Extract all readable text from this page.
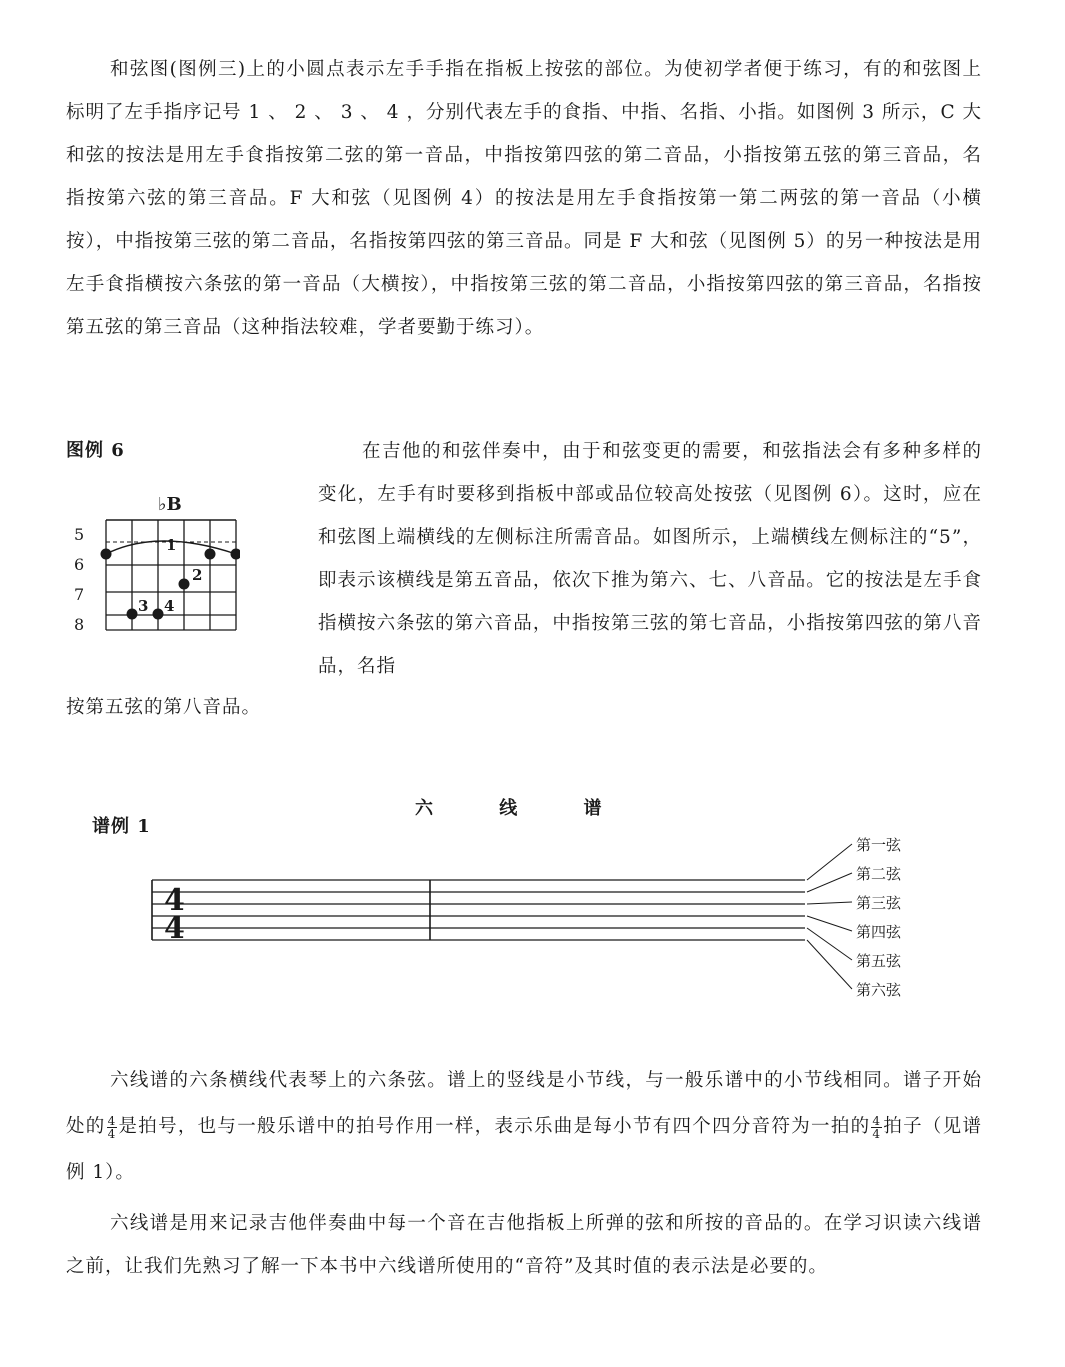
和弦图(图例三)上的小圆点表示左手手指在指板上按弦的部位。为使初学者便于练习，有的和弦图上标明了左手指序记号 1 、 2 、 3 、 4 ，分别代表左手的食指、中指、名指、小指。如图例 3 所示，C 大和弦的按法是用左手食指按第二弦的第一音品，中指按第四弦的第二音品，小指按第五弦的第三音品，名指按第六弦的第三音品。F 大和弦（见图例 4）的按法是用左手食指按第一第二两弦的第一音品（小横按），中指按第三弦的第二音品，名指按第四弦的第三音品。同是 F 大和弦（见图例 5）的另一种按法是用左手食指横按六条弦的第一音品（大横按），中指按第三弦的第二音品，小指按第四弦的第三音品，名指按第五弦的第三音品（这种指法较难，学者要勤于练习）。

图例 6
♭B
5
6
7
8
1
2
3 4

在吉他的和弦伴奏中，由于和弦变更的需要，和弦指法会有多种多样的变化，左手有时要移到指板中部或品位较高处按弦（见图例 6）。这时，应在和弦图上端横线的左侧标注所需音品。如图所示，上端横线左侧标注的“5”，即表示该横线是第五音品，依次下推为第六、七、八音品。它的按法是左手食指横按六条弦的第六音品，中指按第三弦的第七音品，小指按第四弦的第八音品，名指

按第五弦的第八音品。

六 线 谱
谱例 1
4
4
第一弦
第二弦
第三弦
第四弦
第五弦
第六弦

六线谱的六条横线代表琴上的六条弦。谱上的竖线是小节线，与一般乐谱中的小节线相同。谱子开始处的 $\frac{4}{4}$ 是拍号，也与一般乐谱中的拍号作用一样，表示乐曲是每小节有四个四分音符为一拍的 $\frac{4}{4}$ 拍子（见谱例 1）。

六线谱是用来记录吉他伴奏曲中每一个音在吉他指板上所弹的弦和所按的音品的。在学习识读六线谱之前，让我们先熟习了解一下本书中六线谱所使用的“音符”及其时值的表示法是必要的。
